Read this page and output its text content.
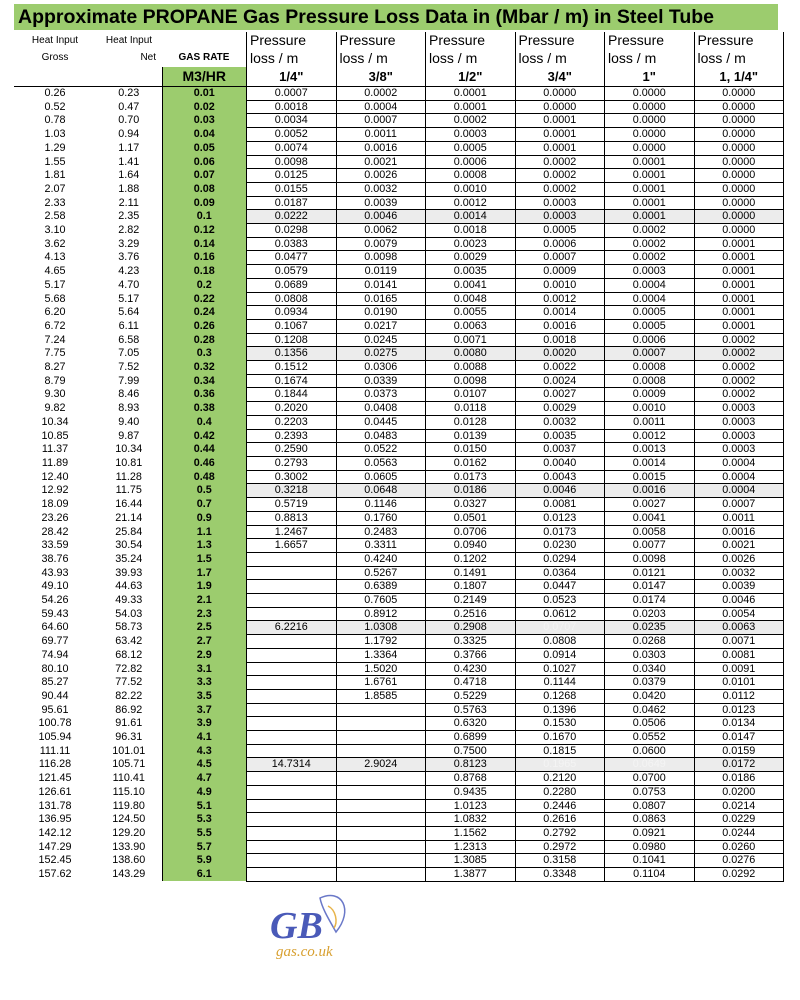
Approximate PROPANE Gas Pressure Loss Data in (Mbar / m) in Steel Tube
Heat Input	Heat Input		Pressure	Pressure	Pressure	Pressure	Pressure	Pressure
Gross	Net	GAS RATE	loss / m	loss / m	loss / m	loss / m	loss / m	loss / m
		M3/HR	1/4"	3/8"	1/2"	3/4"	1"	1, 1/4"
0.26	0.23	0.01	0.0007	0.0002	0.0001	0.0000	0.0000	0.0000
0.52	0.47	0.02	0.0018	0.0004	0.0001	0.0000	0.0000	0.0000
0.78	0.70	0.03	0.0034	0.0007	0.0002	0.0001	0.0000	0.0000
1.03	0.94	0.04	0.0052	0.0011	0.0003	0.0001	0.0000	0.0000
1.29	1.17	0.05	0.0074	0.0016	0.0005	0.0001	0.0000	0.0000
1.55	1.41	0.06	0.0098	0.0021	0.0006	0.0002	0.0001	0.0000
1.81	1.64	0.07	0.0125	0.0026	0.0008	0.0002	0.0001	0.0000
2.07	1.88	0.08	0.0155	0.0032	0.0010	0.0002	0.0001	0.0000
2.33	2.11	0.09	0.0187	0.0039	0.0012	0.0003	0.0001	0.0000
2.58	2.35	0.1	0.0222	0.0046	0.0014	0.0003	0.0001	0.0000
3.10	2.82	0.12	0.0298	0.0062	0.0018	0.0005	0.0002	0.0000
3.62	3.29	0.14	0.0383	0.0079	0.0023	0.0006	0.0002	0.0001
4.13	3.76	0.16	0.0477	0.0098	0.0029	0.0007	0.0002	0.0001
4.65	4.23	0.18	0.0579	0.0119	0.0035	0.0009	0.0003	0.0001
5.17	4.70	0.2	0.0689	0.0141	0.0041	0.0010	0.0004	0.0001
5.68	5.17	0.22	0.0808	0.0165	0.0048	0.0012	0.0004	0.0001
6.20	5.64	0.24	0.0934	0.0190	0.0055	0.0014	0.0005	0.0001
6.72	6.11	0.26	0.1067	0.0217	0.0063	0.0016	0.0005	0.0001
7.24	6.58	0.28	0.1208	0.0245	0.0071	0.0018	0.0006	0.0002
7.75	7.05	0.3	0.1356	0.0275	0.0080	0.0020	0.0007	0.0002
8.27	7.52	0.32	0.1512	0.0306	0.0088	0.0022	0.0008	0.0002
8.79	7.99	0.34	0.1674	0.0339	0.0098	0.0024	0.0008	0.0002
9.30	8.46	0.36	0.1844	0.0373	0.0107	0.0027	0.0009	0.0002
9.82	8.93	0.38	0.2020	0.0408	0.0118	0.0029	0.0010	0.0003
10.34	9.40	0.4	0.2203	0.0445	0.0128	0.0032	0.0011	0.0003
10.85	9.87	0.42	0.2393	0.0483	0.0139	0.0035	0.0012	0.0003
11.37	10.34	0.44	0.2590	0.0522	0.0150	0.0037	0.0013	0.0003
11.89	10.81	0.46	0.2793	0.0563	0.0162	0.0040	0.0014	0.0004
12.40	11.28	0.48	0.3002	0.0605	0.0173	0.0043	0.0015	0.0004
12.92	11.75	0.5	0.3218	0.0648	0.0186	0.0046	0.0016	0.0004
18.09	16.44	0.7	0.5719	0.1146	0.0327	0.0081	0.0027	0.0007
23.26	21.14	0.9	0.8813	0.1760	0.0501	0.0123	0.0041	0.0011
28.42	25.84	1.1	1.2467	0.2483	0.0706	0.0173	0.0058	0.0016
33.59	30.54	1.3	1.6657	0.3311	0.0940	0.0230	0.0077	0.0021
38.76	35.24	1.5		0.4240	0.1202	0.0294	0.0098	0.0026
43.93	39.93	1.7		0.5267	0.1491	0.0364	0.0121	0.0032
49.10	44.63	1.9		0.6389	0.1807	0.0447	0.0147	0.0039
54.26	49.33	2.1		0.7605	0.2149	0.0523	0.0174	0.0046
59.43	54.03	2.3		0.8912	0.2516	0.0612	0.0203	0.0054
64.60	58.73	2.5	6.2216	1.0308	0.2908	0.0707	0.0235	0.0063
69.77	63.42	2.7		1.1792	0.3325	0.0808	0.0268	0.0071
74.94	68.12	2.9		1.3364	0.3766	0.0914	0.0303	0.0081
80.10	72.82	3.1		1.5020	0.4230	0.1027	0.0340	0.0091
85.27	77.52	3.3		1.6761	0.4718	0.1144	0.0379	0.0101
90.44	82.22	3.5		1.8585	0.5229	0.1268	0.0420	0.0112
95.61	86.92	3.7			0.5763	0.1396	0.0462	0.0123
100.78	91.61	3.9			0.6320	0.1530	0.0506	0.0134
105.94	96.31	4.1			0.6899	0.1670	0.0552	0.0147
111.11	101.01	4.3			0.7500	0.1815	0.0600	0.0159
116.28	105.71	4.5	14.7314	2.9024	0.8123	0.1965	0.0649	0.0172
121.45	110.41	4.7			0.8768	0.2120	0.0700	0.0186
126.61	115.10	4.9			0.9435	0.2280	0.0753	0.0200
131.78	119.80	5.1			1.0123	0.2446	0.0807	0.0214
136.95	124.50	5.3			1.0832	0.2616	0.0863	0.0229
142.12	129.20	5.5			1.1562	0.2792	0.0921	0.0244
147.29	133.90	5.7			1.2313	0.2972	0.0980	0.0260
152.45	138.60	5.9			1.3085	0.3158	0.1041	0.0276
157.62	143.29	6.1			1.3877	0.3348	0.1104	0.0292
GB
gas.co.uk
